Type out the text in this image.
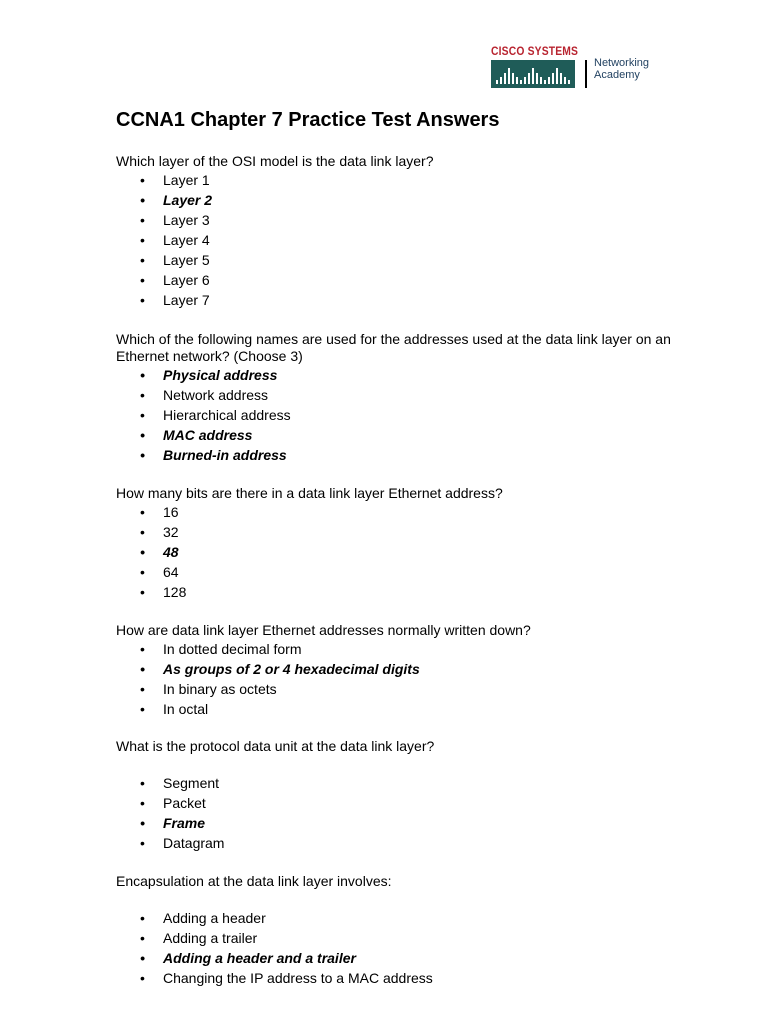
CISCO SYSTEMS
Networking
Academy
CCNA1 Chapter 7 Practice Test Answers

Which layer of the OSI model is the data link layer?

• Layer 1
• Layer 2
• Layer 3
• Layer 4
• Layer 5
• Layer 6
• Layer 7

Which of the following names are used for the addresses used at the data link layer on an Ethernet network? (Choose 3)

• Physical address
• Network address
• Hierarchical address
• MAC address
• Burned-in address

How many bits are there in a data link layer Ethernet address?

• 16
• 32
• 48
• 64
• 128

How are data link layer Ethernet addresses normally written down?

• In dotted decimal form
• As groups of 2 or 4 hexadecimal digits
• In binary as octets
• In octal

What is the protocol data unit at the data link layer?

• Segment
• Packet
• Frame
• Datagram

Encapsulation at the data link layer involves:

• Adding a header
• Adding a trailer
• Adding a header and a trailer
• Changing the IP address to a MAC address
